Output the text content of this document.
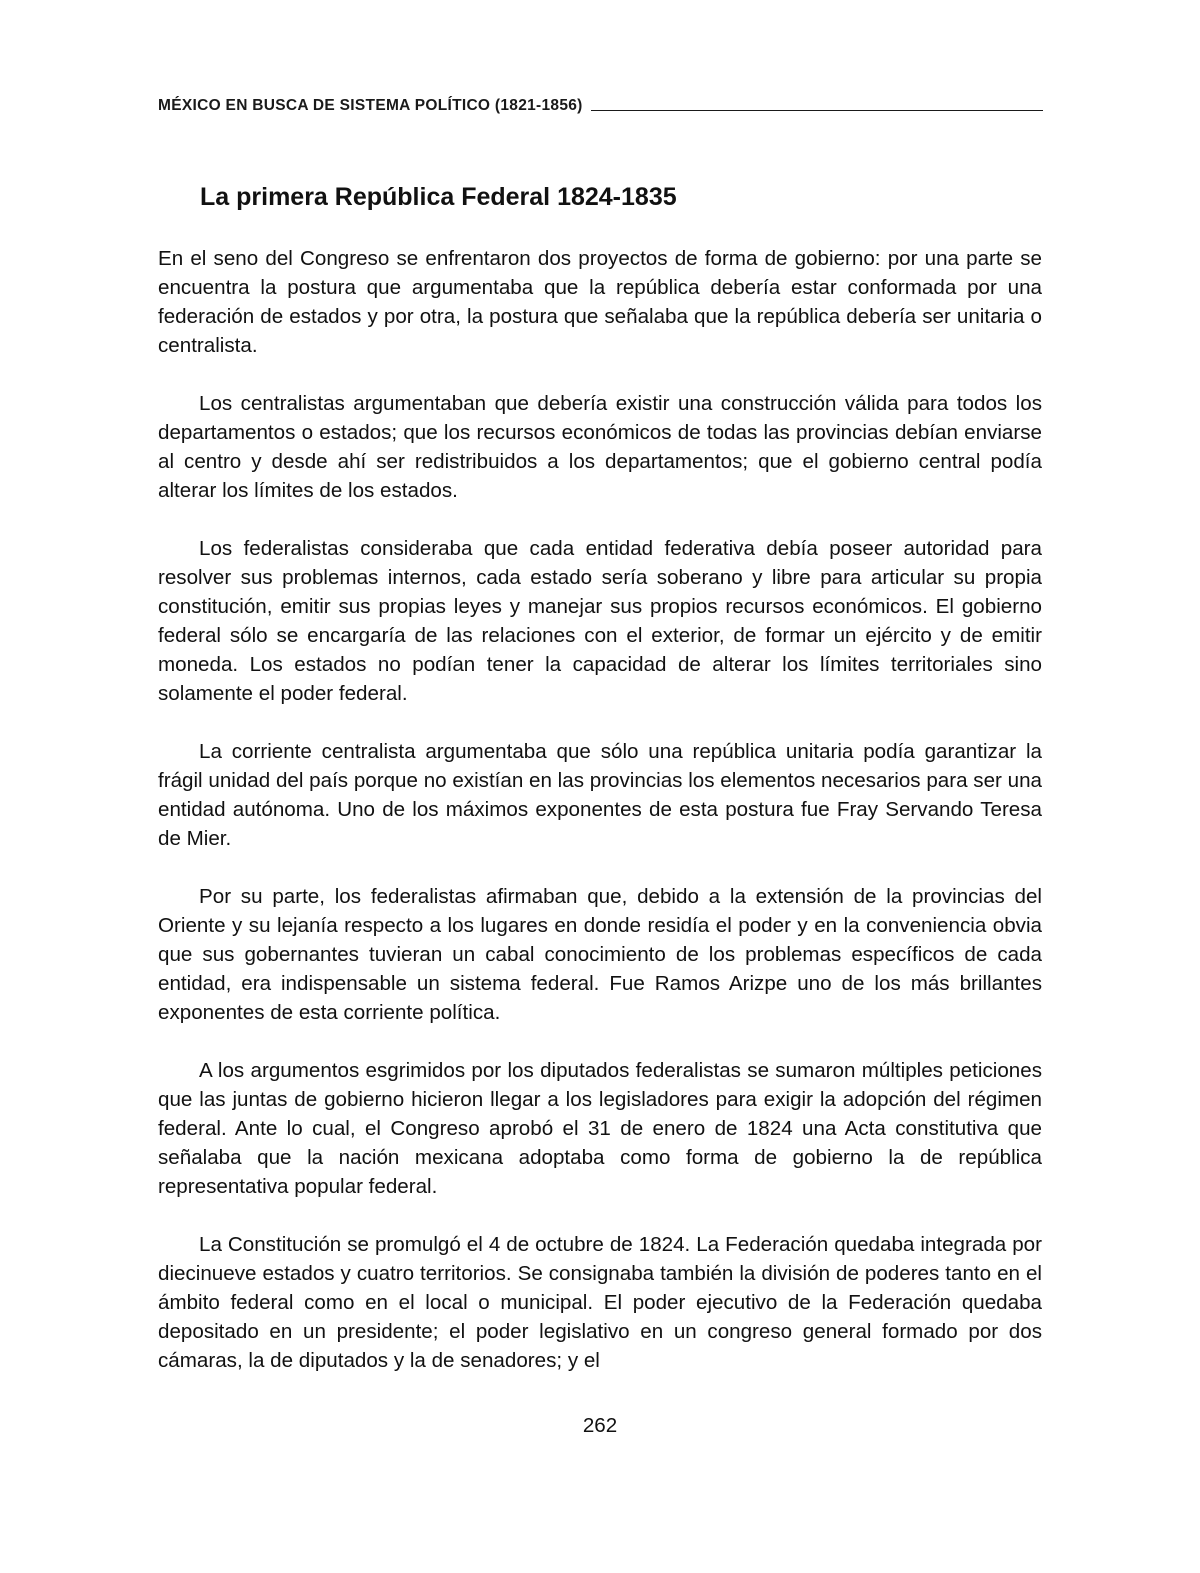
MÉXICO EN BUSCA DE SISTEMA POLÍTICO (1821-1856)
La primera República Federal 1824-1835

En el seno del Congreso se enfrentaron dos proyectos de forma de gobierno: por una parte se encuentra la postura que argumentaba que la república debería estar conformada por una federación de estados y por otra, la postura que señalaba que la república debería ser unitaria o centralista.

Los centralistas argumentaban que debería existir una construcción válida para todos los departamentos o estados; que los recursos económicos de todas las provincias debían enviarse al centro y desde ahí ser redistribuidos a los departamentos; que el gobierno central podía alterar los límites de los estados.

Los federalistas consideraba que cada entidad federativa debía poseer autoridad para resolver sus problemas internos, cada estado sería soberano y libre para articular su propia constitución, emitir sus propias leyes y manejar sus propios recursos económicos. El gobierno federal sólo se encargaría de las relaciones con el exterior, de formar un ejército y de emitir moneda. Los estados no podían tener la capacidad de alterar los límites territoriales sino solamente el poder federal.

La corriente centralista argumentaba que sólo una república unitaria podía garantizar la frágil unidad del país porque no existían en las provincias los elementos necesarios para ser una entidad autónoma. Uno de los máximos exponentes de esta postura fue Fray Servando Teresa de Mier.

Por su parte, los federalistas afirmaban que, debido a la extensión de la provincias del Oriente y su lejanía respecto a los lugares en donde residía el poder y en la conveniencia obvia que sus gobernantes tuvieran un cabal conocimiento de los problemas específicos de cada entidad, era indispensable un sistema federal. Fue Ramos Arizpe uno de los más brillantes exponentes de esta corriente política.

A los argumentos esgrimidos por los diputados federalistas se sumaron múltiples peticiones que las juntas de gobierno hicieron llegar a los legisladores para exigir la adopción del régimen federal. Ante lo cual, el Congreso aprobó el 31 de enero de 1824 una Acta constitutiva que señalaba que la nación mexicana adoptaba como forma de gobierno la de república representativa popular federal.

La Constitución se promulgó el 4 de octubre de 1824. La Federación quedaba integrada por diecinueve estados y cuatro territorios. Se consignaba también la división de poderes tanto en el ámbito federal como en el local o municipal. El poder ejecutivo de la Federación quedaba depositado en un presidente; el poder legislativo en un congreso general formado por dos cámaras, la de diputados y la de senadores; y el

262
